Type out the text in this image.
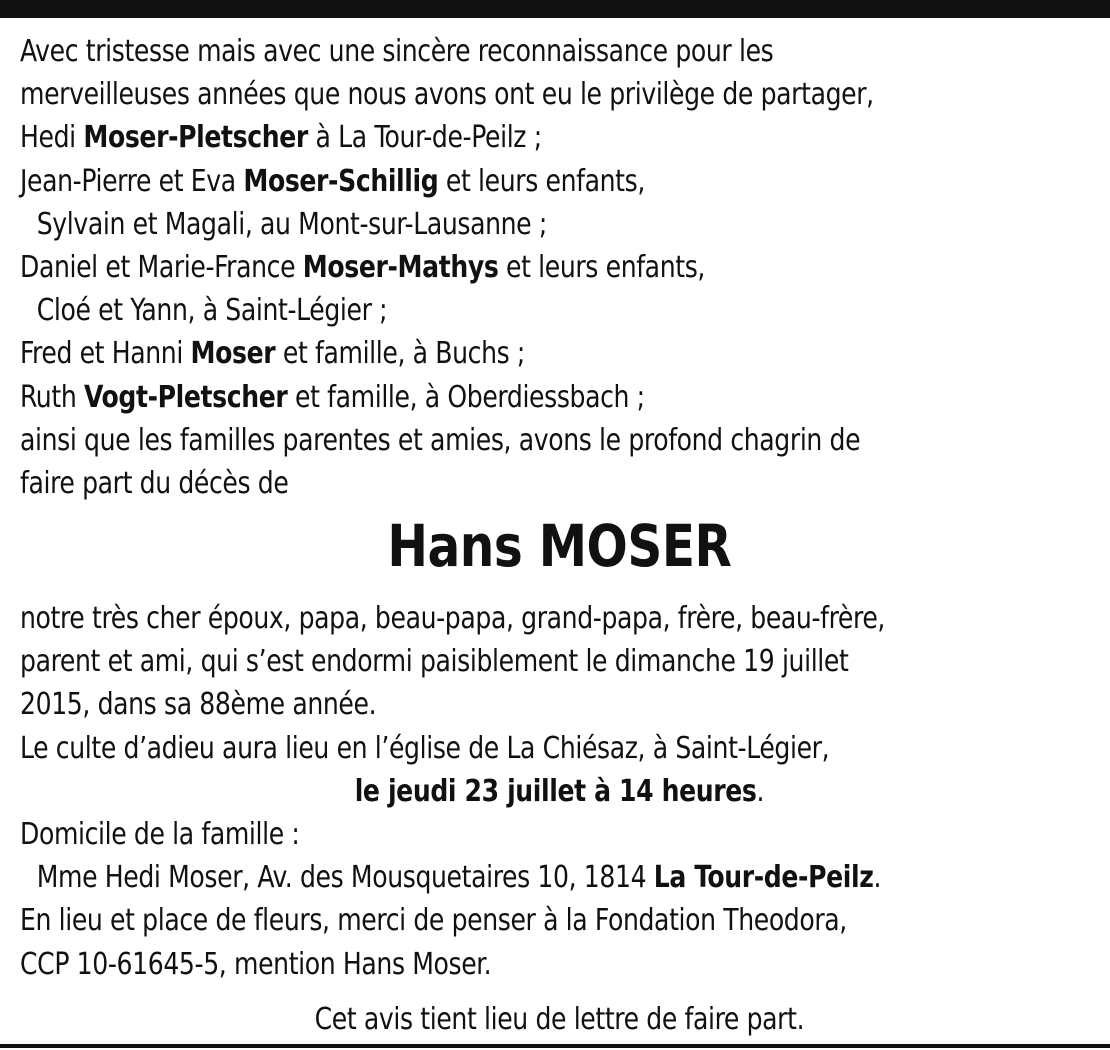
Avec tristesse mais avec une sincère reconnaissance pour les
merveilleuses années que nous avons ont eu le privilège de partager,
Hedi Moser-Pletscher à La Tour-de-Peilz ;
Jean-Pierre et Eva Moser-Schillig et leurs enfants,
Sylvain et Magali, au Mont-sur-Lausanne ;
Daniel et Marie-France Moser-Mathys et leurs enfants,
Cloé et Yann, à Saint-Légier ;
Fred et Hanni Moser et famille, à Buchs ;
Ruth Vogt-Pletscher et famille, à Oberdiessbach ;
ainsi que les familles parentes et amies, avons le profond chagrin de
faire part du décès de
Hans MOSER
notre très cher époux, papa, beau-papa, grand-papa, frère, beau-frère,
parent et ami, qui s’est endormi paisiblement le dimanche 19 juillet
2015, dans sa 88ème année.
Le culte d’adieu aura lieu en l’église de La Chiésaz, à Saint-Légier,
le jeudi 23 juillet à 14 heures.
Domicile de la famille :
Mme Hedi Moser, Av. des Mousquetaires 10, 1814 La Tour-de-Peilz.
En lieu et place de fleurs, merci de penser à la Fondation Theodora,
CCP 10-61645-5, mention Hans Moser.
Cet avis tient lieu de lettre de faire part.
